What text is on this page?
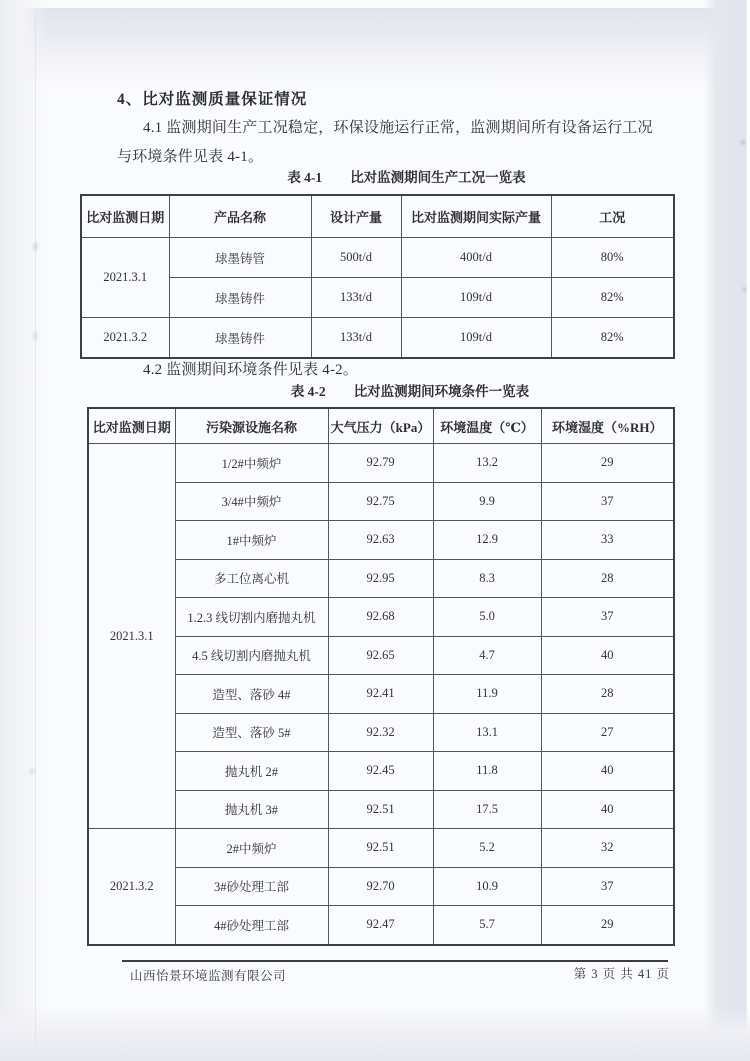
4、比对监测质量保证情况
4.1 监测期间生产工况稳定，环保设施运行正常，监测期间所有设备运行工况
与环境条件见表 4-1。
表 4-1 比对监测期间生产工况一览表
比对监测日期	产品名称	设计产量	比对监测期间实际产量	工况
2021.3.1	球墨铸管	500t/d	400t/d	80%
	球墨铸件	133t/d	109t/d	82%
2021.3.2	球墨铸件	133t/d	109t/d	82%
4.2 监测期间环境条件见表 4-2。
表 4-2 比对监测期间环境条件一览表
比对监测日期	污染源设施名称	大气压力（kPa）	环境温度（℃）	环境湿度（%RH）
2021.3.1	1/2#中频炉	92.79	13.2	29
	3/4#中频炉	92.75	9.9	37
	1#中频炉	92.63	12.9	33
	多工位离心机	92.95	8.3	28
	1.2.3 线切割内磨抛丸机	92.68	5.0	37
	4.5 线切割内磨抛丸机	92.65	4.7	40
	造型、落砂 4#	92.41	11.9	28
	造型、落砂 5#	92.32	13.1	27
	抛丸机 2#	92.45	11.8	40
	抛丸机 3#	92.51	17.5	40
2021.3.2	2#中频炉	92.51	5.2	32
	3#砂处理工部	92.70	10.9	37
	4#砂处理工部	92.47	5.7	29
山西怡景环境监测有限公司	第 3 页 共 41 页
